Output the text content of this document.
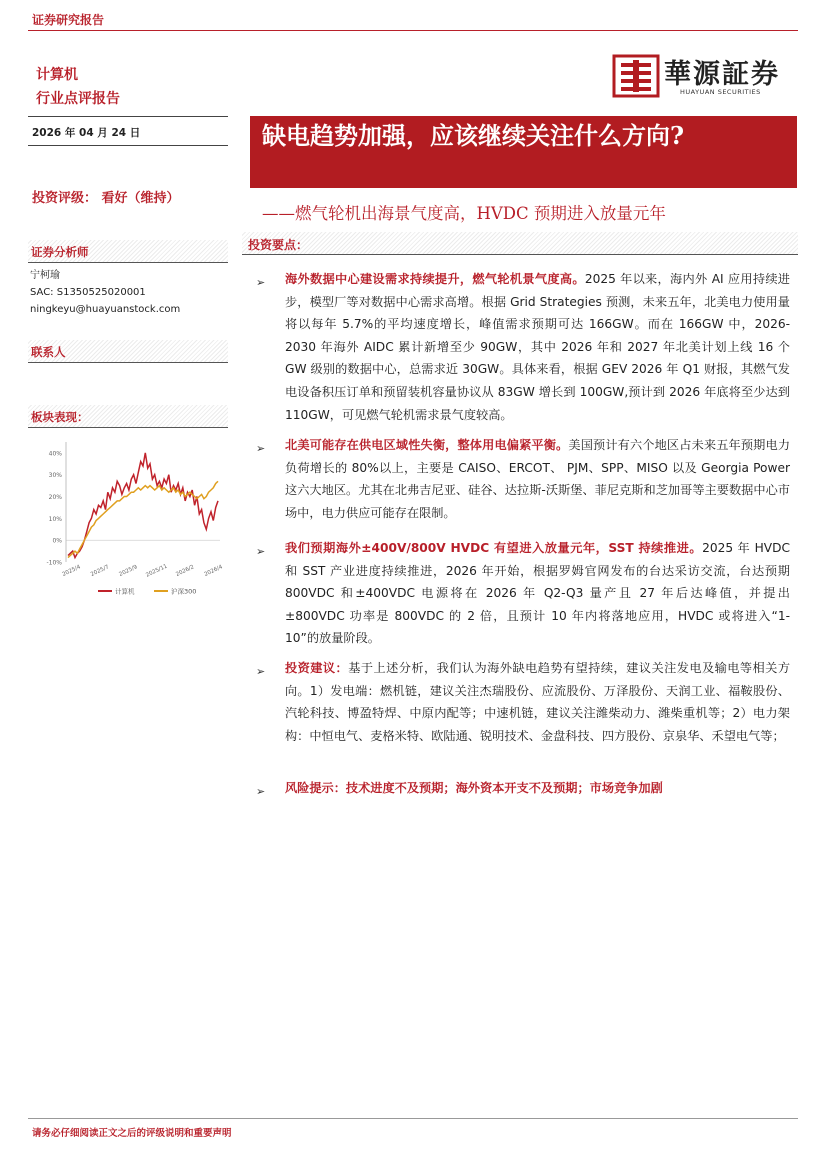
证券研究报告
计算机
行业点评报告
華源証券
HUAYUAN SECURITIES
2026 年 04 月 24 日
投资评级： 看好（维持）
缺电趋势加强，应该继续关注什么方向?
——燃气轮机出海景气度高，HVDC 预期进入放量元年
证券分析师
宁柯瑜
SAC: S1350525020001
ningkeyu@huayuanstock.com
联系人
板块表现：
-10%
0%
10%
20%
30%
40%
2025/4 2025/7 2025/9 2025/11 2026/2 2026/4
计算机	沪深300
投资要点：
➢ 海外数据中心建设需求持续提升，燃气轮机景气度高。2025 年以来，海内外 AI 应用持续进步，模型厂等对数据中心需求高增。根据 Grid Strategies 预测，未来五年，北美电力使用量将以每年 5.7%的平均速度增长，峰值需求预期可达 166GW。而在 166GW 中，2026-2030 年海外 AIDC 累计新增至少 90GW，其中 2026 年和 2027 年北美计划上线 16 个 GW 级别的数据中心，总需求近 30GW。具体来看，根据 GEV 2026 年 Q1 财报，其燃气发电设备积压订单和预留装机容量协议从 83GW 增长到 100GW,预计到 2026 年底将至少达到 110GW，可见燃气轮机需求景气度较高。
➢ 北美可能存在供电区域性失衡，整体用电偏紧平衡。美国预计有六个地区占未来五年预期电力负荷增长的 80%以上，主要是 CAISO、ERCOT、 PJM、SPP、MISO 以及 Georgia Power 这六大地区。尤其在北弗吉尼亚、硅谷、达拉斯-沃斯堡、菲尼克斯和芝加哥等主要数据中心市场中，电力供应可能存在限制。
➢ 我们预期海外±400V/800V HVDC 有望进入放量元年，SST 持续推进。2025 年 HVDC 和 SST 产业进度持续推进，2026 年开始，根据罗姆官网发布的台达采访交流，台达预期 800VDC 和±400VDC 电源将在 2026 年 Q2-Q3 量产且 27 年后达峰值，并提出±800VDC 功率是 800VDC 的 2 倍，且预计 10 年内将落地应用，HVDC 或将进入“1-10”的放量阶段。
➢ 投资建议：基于上述分析，我们认为海外缺电趋势有望持续，建议关注发电及输电等相关方向。1）发电端：燃机链，建议关注杰瑞股份、应流股份、万泽股份、天润工业、福鞍股份、汽轮科技、博盈特焊、中原内配等；中速机链，建议关注潍柴动力、潍柴重机等；2）电力架构：中恒电气、麦格米特、欧陆通、锐明技术、金盘科技、四方股份、京泉华、禾望电气等；
➢ 风险提示：技术进度不及预期；海外资本开支不及预期；市场竞争加剧
请务必仔细阅读正文之后的评级说明和重要声明
